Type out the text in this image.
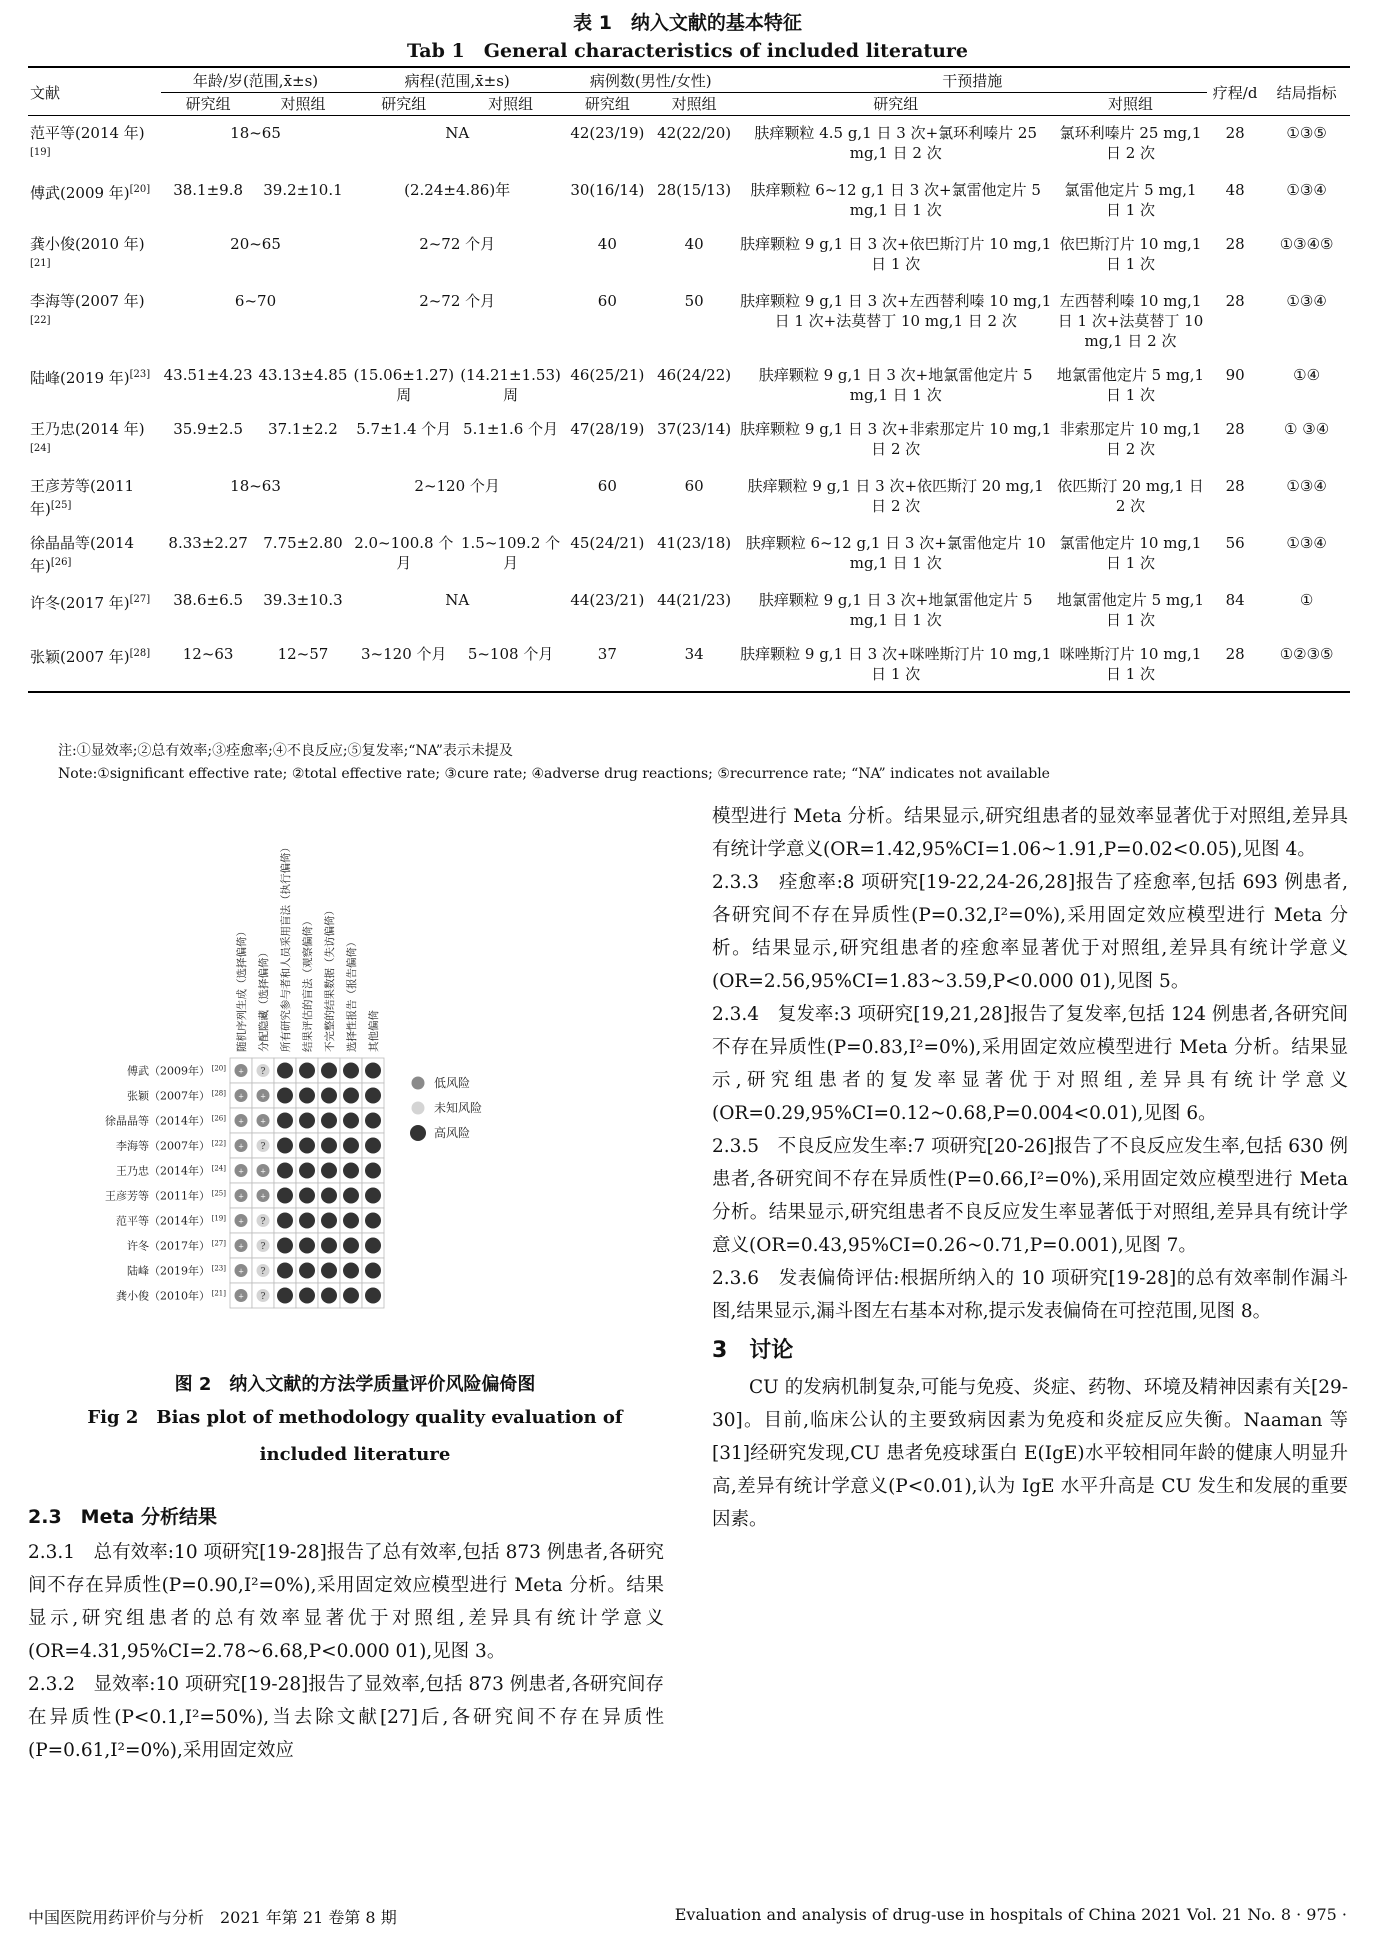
表 1　纳入文献的基本特征
Tab 1　General characteristics of included literature
文献	年龄/岁(范围,x̄±s)		病程(范围,x̄±s)		病例数(男性/女性)		干预措施		疗程/d	结局指标
	研究组	对照组	研究组	对照组	研究组	对照组	研究组	对照组		
范平等(2014 年)[19]	18~65		NA		42(23/19)	42(22/20)	肤痒颗粒 4.5 g,1 日 3 次+氯环利嗪片 25 mg,1 日 2 次	氯环利嗪片 25 mg,1 日 2 次	28	①③⑤
傅武(2009 年)[20]	38.1±9.8	39.2±10.1	(2.24±4.86)年		30(16/14)	28(15/13)	肤痒颗粒 6~12 g,1 日 3 次+氯雷他定片 5 mg,1 日 1 次	氯雷他定片 5 mg,1 日 1 次	48	①③④
龚小俊(2010 年)[21]	20~65		2~72 个月		40	40	肤痒颗粒 9 g,1 日 3 次+依巴斯汀片 10 mg,1 日 1 次	依巴斯汀片 10 mg,1 日 1 次	28	①③④⑤
李海等(2007 年)[22]	6~70		2~72 个月		60	50	肤痒颗粒 9 g,1 日 3 次+左西替利嗪 10 mg,1 日 1 次+法莫替丁 10 mg,1 日 2 次	左西替利嗪 10 mg,1 日 1 次+法莫替丁 10 mg,1 日 2 次	28	①③④
陆峰(2019 年)[23]	43.51±4.23	43.13±4.85	(15.06±1.27) 周	(14.21±1.53) 周	46(25/21)	46(24/22)	肤痒颗粒 9 g,1 日 3 次+地氯雷他定片 5 mg,1 日 1 次	地氯雷他定片 5 mg,1 日 1 次	90	①④
王乃忠(2014 年)[24]	35.9±2.5	37.1±2.2	5.7±1.4 个月	5.1±1.6 个月	47(28/19)	37(23/14)	肤痒颗粒 9 g,1 日 3 次+非索那定片 10 mg,1 日 2 次	非索那定片 10 mg,1 日 2 次	28	① ③④
王彦芳等(2011 年)[25]	18~63		2~120 个月		60	60	肤痒颗粒 9 g,1 日 3 次+依匹斯汀 20 mg,1 日 2 次	依匹斯汀 20 mg,1 日 2 次	28	①③④
徐晶晶等(2014 年)[26]	8.33±2.27	7.75±2.80	2.0~100.8 个月	1.5~109.2 个月	45(24/21)	41(23/18)	肤痒颗粒 6~12 g,1 日 3 次+氯雷他定片 10 mg,1 日 1 次	氯雷他定片 10 mg,1 日 1 次	56	①③④
许冬(2017 年)[27]	38.6±6.5	39.3±10.3	NA		44(23/21)	44(21/23)	肤痒颗粒 9 g,1 日 3 次+地氯雷他定片 5 mg,1 日 1 次	地氯雷他定片 5 mg,1 日 1 次	84	①
张颖(2007 年)[28]	12~63	12~57	3~120 个月	5~108 个月	37	34	肤痒颗粒 9 g,1 日 3 次+咪唑斯汀片 10 mg,1 日 1 次	咪唑斯汀片 10 mg,1 日 1 次	28	①②③⑤
注:①显效率;②总有效率;③痊愈率;④不良反应;⑤复发率;“NA”表示未提及
Note:①significant effective rate; ②total effective rate; ③cure rate; ④adverse drug reactions; ⑤recurrence rate; “NA” indicates not available
随机序列生成（选择偏倚） 分配隐藏（选择偏倚） 所有研究参与者和人员采用盲法（执行偏倚） 结果评估的盲法（观察偏倚） 不完整的结果数据（失访偏倚） 选择性报告（报告偏倚） 其他偏倚
傅武（2009年） [20] + ?
张颖（2007年） [28] + +
徐晶晶等（2014年） [26] + +
李海等（2007年） [22] + ?
王乃忠（2014年） [24] + +
王彦芳等（2011年） [25] + +
范平等（2014年） [19] + ?
许冬（2017年） [27] + ?
陆峰（2019年） [23] + ?
龚小俊（2010年） [21] + ?
低风险
未知风险
高风险
图 2　纳入文献的方法学质量评价风险偏倚图
Fig 2　Bias plot of methodology quality evaluation of
included literature
2.3　Meta 分析结果
2.3.1　总有效率:10 项研究[19-28]报告了总有效率,包括 873 例患者,各研究间不存在异质性(P=0.90,I²=0%),采用固定效应模型进行 Meta 分析。结果显示,研究组患者的总有效率显著优于对照组,差异具有统计学意义(OR=4.31,95%CI=2.78~6.68,P<0.000 01),见图 3。
2.3.2　显效率:10 项研究[19-28]报告了显效率,包括 873 例患者,各研究间存在异质性(P<0.1,I²=50%),当去除文献[27]后,各研究间不存在异质性(P=0.61,I²=0%),采用固定效应
模型进行 Meta 分析。结果显示,研究组患者的显效率显著优于对照组,差异具有统计学意义(OR=1.42,95%CI=1.06~1.91,P=0.02<0.05),见图 4。
2.3.3　痊愈率:8 项研究[19-22,24-26,28]报告了痊愈率,包括 693 例患者,各研究间不存在异质性(P=0.32,I²=0%),采用固定效应模型进行 Meta 分析。结果显示,研究组患者的痊愈率显著优于对照组,差异具有统计学意义(OR=2.56,95%CI=1.83~3.59,P<0.000 01),见图 5。
2.3.4　复发率:3 项研究[19,21,28]报告了复发率,包括 124 例患者,各研究间不存在异质性(P=0.83,I²=0%),采用固定效应模型进行 Meta 分析。结果显示,研究组患者的复发率显著优于对照组,差异具有统计学意义(OR=0.29,95%CI=0.12~0.68,P=0.004<0.01),见图 6。
2.3.5　不良反应发生率:7 项研究[20-26]报告了不良反应发生率,包括 630 例患者,各研究间不存在异质性(P=0.66,I²=0%),采用固定效应模型进行 Meta 分析。结果显示,研究组患者不良反应发生率显著低于对照组,差异具有统计学意义(OR=0.43,95%CI=0.26~0.71,P=0.001),见图 7。
2.3.6　发表偏倚评估:根据所纳入的 10 项研究[19-28]的总有效率制作漏斗图,结果显示,漏斗图左右基本对称,提示发表偏倚在可控范围,见图 8。
3　讨论
CU 的发病机制复杂,可能与免疫、炎症、药物、环境及精神因素有关[29-30]。目前,临床公认的主要致病因素为免疫和炎症反应失衡。Naaman 等[31]经研究发现,CU 患者免疫球蛋白 E(IgE)水平较相同年龄的健康人明显升高,差异有统计学意义(P<0.01),认为 IgE 水平升高是 CU 发生和发展的重要因素。
中国医院用药评价与分析　2021 年第 21 卷第 8 期	Evaluation and analysis of drug-use in hospitals of China 2021 Vol. 21 No. 8 · 975 ·
